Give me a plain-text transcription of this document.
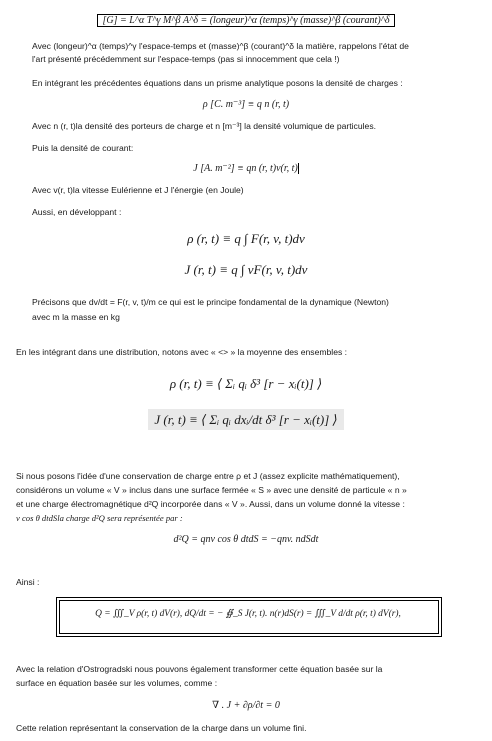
[G] = L^α T^γ M^β A^δ = (longeur)^α (temps)^γ (masse)^β (courant)^δ
Avec (longeur)^α (temps)^γ l'espace-temps et (masse)^β (courant)^δ la matière, rappelons l'état de
l'art présenté précédemment sur l'espace-temps (pas si innocemment que cela !)
En intégrant les précédentes équations dans un prisme analytique posons la densité de charges :
ρ [C. m⁻³] ≡ q n (r, t)
Avec n (r, t)la densité des porteurs de charge et n [m⁻³] la densité volumique de particules.
Puis la densité de courant:
J [A. m⁻²] ≡ qn (r, t)v(r, t)
Avec v(r, t)la vitesse Eulérienne et J l'énergie (en Joule)
Aussi, en développant :
ρ (r, t) ≡ q ∫ F(r, v, t)dv
J (r, t) ≡ q ∫ vF(r, v, t)dv
Précisons que dv/dt = F(r, v, t)/m ce qui est le principe fondamental de la dynamique (Newton)
avec m la masse en kg
En les intégrant dans une distribution, notons avec « <> » la moyenne des ensembles :
ρ (r, t) ≡ ⟨ Σᵢ qᵢ δ³ [r − xᵢ(t)] ⟩
J (r, t) ≡ ⟨ Σᵢ qᵢ dxᵢ/dt δ³ [r − xᵢ(t)] ⟩
Si nous posons l'idée d'une conservation de charge entre ρ et J (assez explicite mathématiquement),
considérons un volume « V » inclus dans une surface fermée « S » avec une densité de particule « n »
et une charge électromagnétique d²Q incorporée dans « V ». Aussi, dans un volume donné la vitesse :
v cos θ dtdSla charge d²Q sera représentée par :
d²Q = qnv cos θ dtdS = −qnv. ndSdt
Ainsi :
Q = ∭_V ρ(r, t) dV(r), dQ/dt = − ∯_S J(r, t). n(r)dS(r) = ∭_V d/dt ρ(r, t) dV(r),
Avec la relation d'Ostrogradski nous pouvons également transformer cette équation basée sur la
surface en équation basée sur les volumes, comme :
∇ . J + ∂ρ/∂t = 0
Cette relation représentant la conservation de la charge dans un volume fini.
